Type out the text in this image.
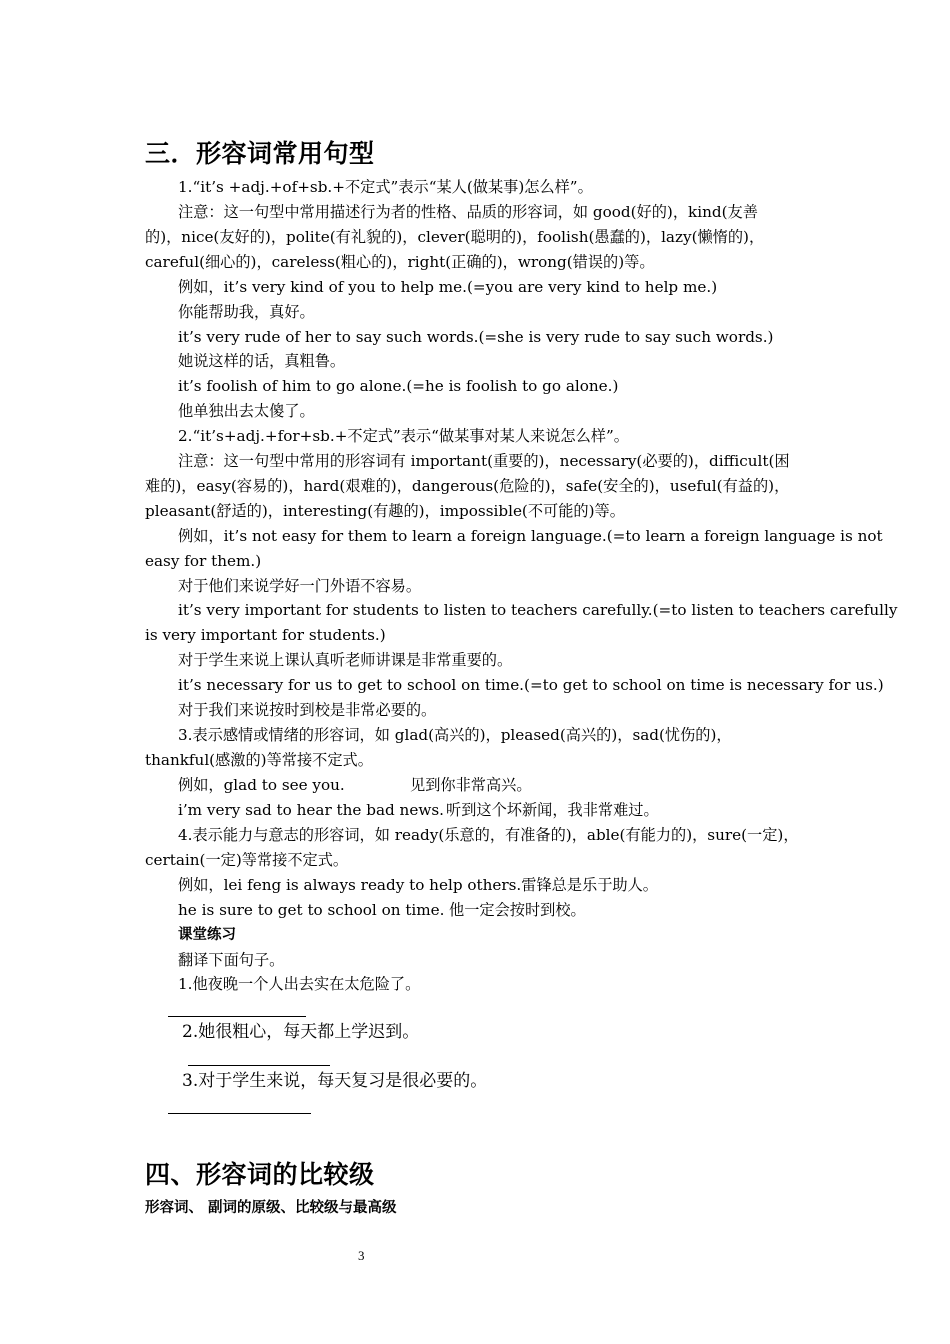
三．形容词常用句型
1.“it’s +adj.+of+sb.+不定式”表示“某人(做某事)怎么样”。
注意：这一句型中常用描述行为者的性格、品质的形容词，如 good(好的)，kind(友善
的)，nice(友好的)，polite(有礼貌的)，clever(聪明的)，foolish(愚蠢的)，lazy(懒惰的)，
careful(细心的)，careless(粗心的)，right(正确的)，wrong(错误的)等。
例如，it’s very kind of you to help me.(=you are very kind to help me.)
你能帮助我，真好。
it’s very rude of her to say such words.(=she is very rude to say such words.)
她说这样的话，真粗鲁。
it’s foolish of him to go alone.(=he is foolish to go alone.)
他单独出去太傻了。
2.“it’s+adj.+for+sb.+不定式”表示“做某事对某人来说怎么样”。
注意：这一句型中常用的形容词有 important(重要的)，necessary(必要的)，difficult(困
难的)，easy(容易的)，hard(艰难的)，dangerous(危险的)，safe(安全的)，useful(有益的)，
pleasant(舒适的)，interesting(有趣的)，impossible(不可能的)等。
例如，it’s not easy for them to learn a foreign language.(=to learn a foreign language is not
easy for them.)
对于他们来说学好一门外语不容易。
it’s very important for students to listen to teachers carefully.(=to listen to teachers carefully
is very important for students.)
对于学生来说上课认真听老师讲课是非常重要的。
it’s necessary for us to get to school on time.(=to get to school on time is necessary for us.)
对于我们来说按时到校是非常必要的。
3.表示感情或情绪的形容词，如 glad(高兴的)，pleased(高兴的)，sad(忧伤的)，
thankful(感激的)等常接不定式。
例如，glad to see you.	见到你非常高兴。
i’m very sad to hear the bad news. 听到这个坏新闻，我非常难过。
4.表示能力与意志的形容词，如 ready(乐意的，有准备的)，able(有能力的)，sure(一定)，
certain(一定)等常接不定式。
例如，lei feng is always ready to help others.雷锋总是乐于助人。
he is sure to get to school on time. 他一定会按时到校。
课堂练习
翻译下面句子。
1.他夜晚一个人出去实在太危险了。
2.她很粗心，每天都上学迟到。
3.对于学生来说，每天复习是很必要的。
四、形容词的比较级
形容词、 副词的原级、比较级与最高级
3
